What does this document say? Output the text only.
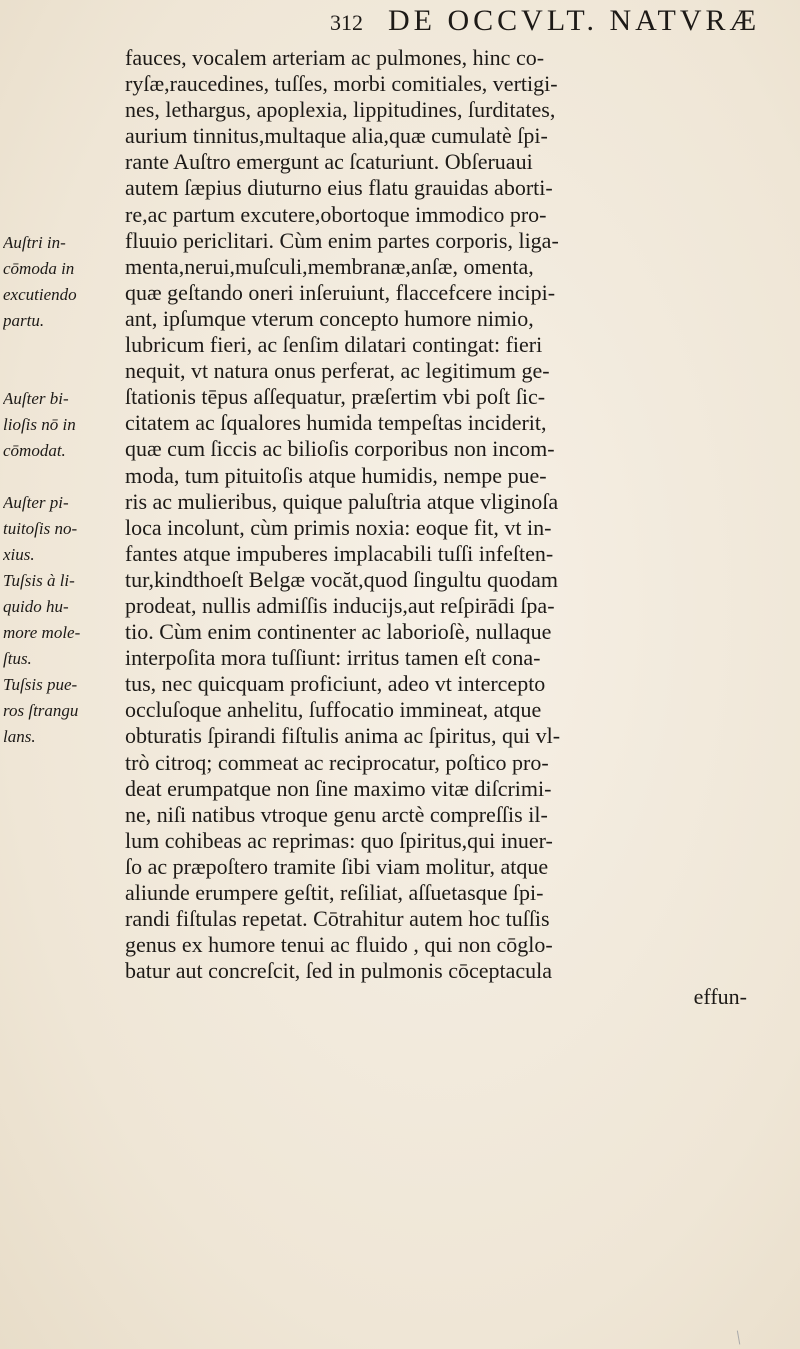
312 DE OCCVLT. NATVRÆ
Auſtri in-
cōmoda in
excutiendo
partu.
Auſter bi-
lioſis nō in
cōmodat.
Auſter pi-
tuitoſis no-
xius.
Tuſsis à li-
quido hu-
more mole-
ſtus.
Tuſsis pue-
ros ſtrangu
lans.
fauces, vocalem arteriam ac pulmones, hinc co-
ryſæ,raucedines, tuſſes, morbi comitiales, vertigi-
nes, lethargus, apoplexia, lippitudines, ſurditates,
aurium tinnitus,multaque alia,quæ cumulatè ſpi-
rante Auſtro emergunt ac ſcaturiunt. Obſeruaui
autem ſæpius diuturno eius flatu grauidas aborti-
re,ac partum excutere,obortoque immodico pro-
fluuio periclitari. Cùm enim partes corporis, liga-
menta,nerui,muſculi,membranæ,anſæ, omenta,
quæ geſtando oneri inſeruiunt, flaccefcere incipi-
ant, ipſumque vterum concepto humore nimio,
lubricum fieri, ac ſenſim dilatari contingat: fieri
nequit, vt natura onus perferat, ac legitimum ge-
ſtationis tēpus aſſequatur, præſertim vbi poſt ſic-
citatem ac ſqualores humida tempeſtas inciderit,
quæ cum ſiccis ac bilioſis corporibus non incom-
moda, tum pituitoſis atque humidis, nempe pue-
ris ac mulieribus, quique paluſtria atque vliginoſa
loca incolunt, cùm primis noxia: eoque fit, vt in-
fantes atque impuberes implacabili tuſſi infeſten-
tur,kindthoeſt Belgæ vocăt,quod ſingultu quodam
prodeat, nullis admiſſis inducijs,aut reſpirādi ſpa-
tio. Cùm enim continenter ac laborioſè, nullaque
interpoſita mora tuſſiunt: irritus tamen eſt cona-
tus, nec quicquam proficiunt, adeo vt intercepto
occluſoque anhelitu, ſuffocatio immineat, atque
obturatis ſpirandi fiſtulis anima ac ſpiritus, qui vl-
trò citroq; commeat ac reciprocatur, poſtico pro-
deat erumpatque non ſine maximo vitæ diſcrimi-
ne, niſi natibus vtroque genu arctè compreſſis il-
lum cohibeas ac reprimas: quo ſpiritus,qui inuer-
ſo ac præpoſtero tramite ſibi viam molitur, atque
aliunde erumpere geſtit, reſiliat, aſſuetasque ſpi-
randi fiſtulas repetat. Cōtrahitur autem hoc tuſſis
genus ex humore tenui ac fluido , qui non cōglo-
batur aut concreſcit, ſed in pulmonis cōceptacula
effun-
